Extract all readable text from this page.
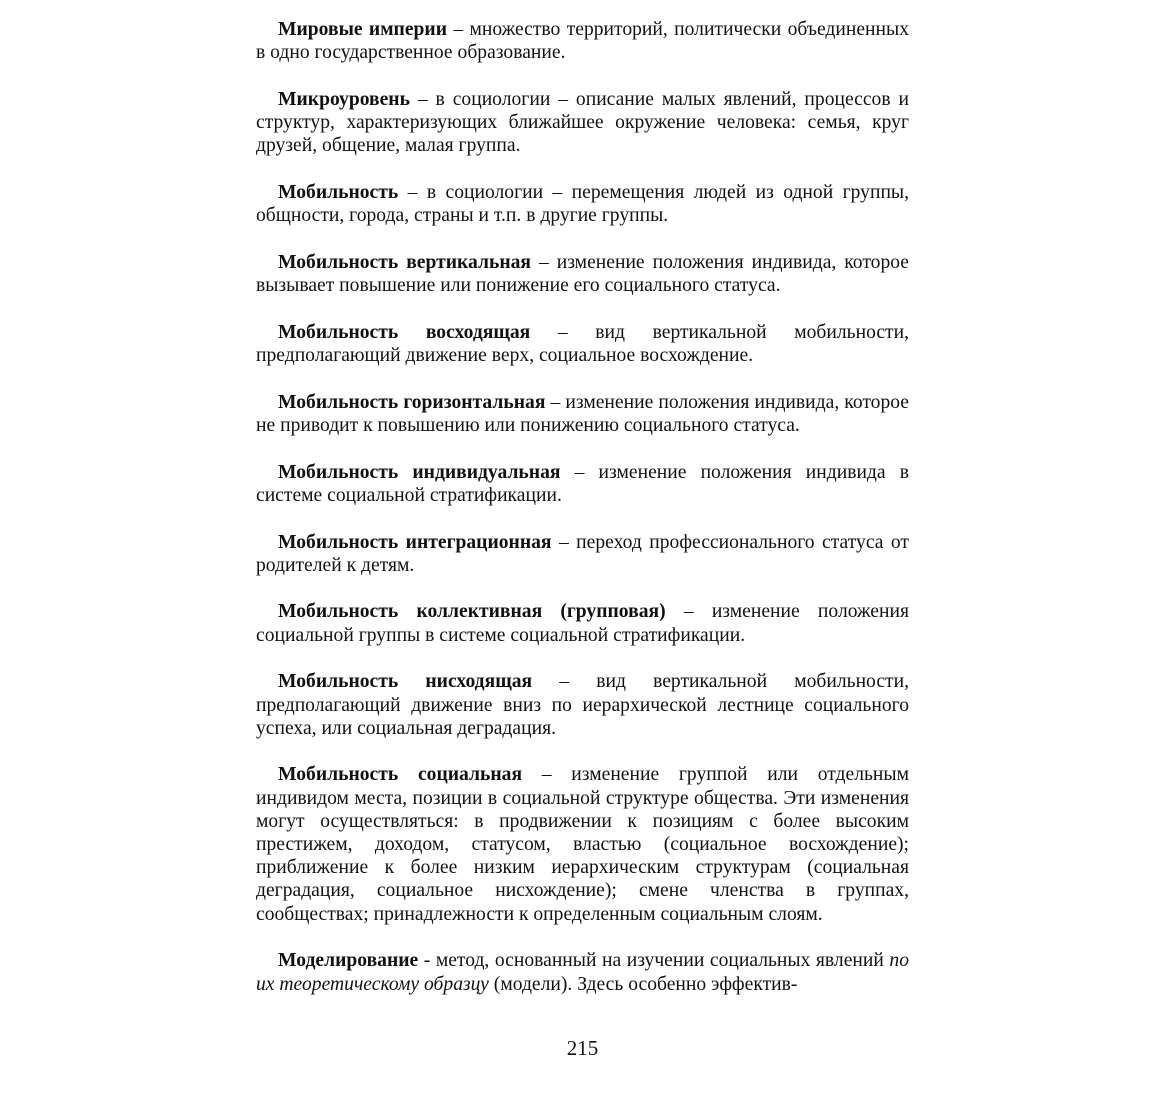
Мировые империи – множество территорий, политически объединенных в одно государственное образование.

Микроуровень – в социологии – описание малых явлений, процессов и структур, характеризующих ближайшее окружение человека: семья, круг друзей, общение, малая группа.

Мобильность – в социологии – перемещения людей из одной группы, общности, города, страны и т.п. в другие группы.

Мобильность вертикальная – изменение положения индивида, которое вызывает повышение или понижение его социального статуса.

Мобильность восходящая – вид вертикальной мобильности, предполагающий движение верх, социальное восхождение.

Мобильность горизонтальная – изменение положения индивида, которое не приводит к повышению или понижению социального статуса.

Мобильность индивидуальная – изменение положения индивида в системе социальной стратификации.

Мобильность интеграционная – переход профессионального статуса от родителей к детям.

Мобильность коллективная (групповая) – изменение положения социальной группы в системе социальной стратификации.

Мобильность нисходящая – вид вертикальной мобильности, предполагающий движение вниз по иерархической лестнице социального успеха, или социальная деградация.

Мобильность социальная – изменение группой или отдельным индивидом места, позиции в социальной структуре общества. Эти изменения могут осуществляться: в продвижении к позициям с более высоким престижем, доходом, статусом, властью (социальное восхождение); приближение к более низким иерархическим структурам (социальная деградация, социальное нисхождение); смене членства в группах, сообществах; принадлежности к определенным социальным слоям.

Моделирование - метод, основанный на изучении социальных явлений по их теоретическому образцу (модели). Здесь особенно эффектив-

215
